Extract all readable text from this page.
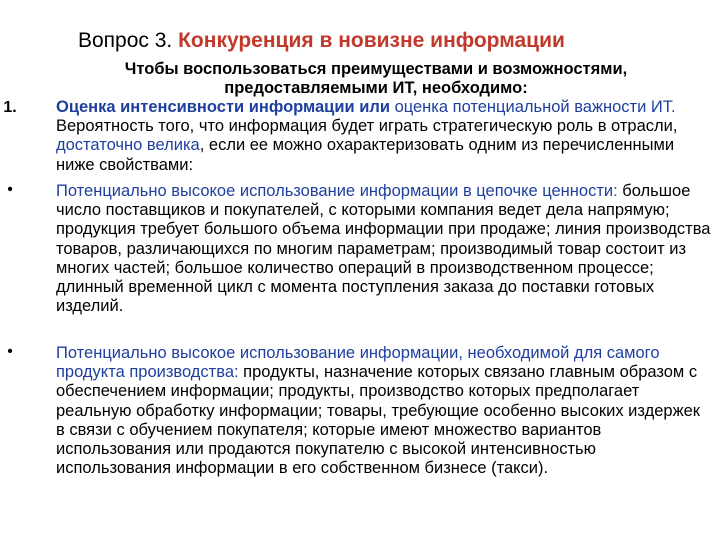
Вопрос 3. Конкуренция в новизне информации
Чтобы воспользоваться преимуществами и возможностями, предоставляемыми ИТ, необходимо:
1. Оценка интенсивности информации или оценка потенциальной важности ИТ. Вероятность того, что информация будет играть стратегическую роль в отрасли, достаточно велика, если ее можно охарактеризовать одним из перечисленными ниже свойствами:
•	Потенциально высокое использование информации в цепочке ценности: большое число поставщиков и покупателей, с которыми компания ведет дела напрямую; продукция требует большого объема информации при продаже; линия производства товаров, различающихся по многим параметрам; производимый товар состоит из многих частей; большое количество операций в производственном процессе; длинный временной цикл с момента поступления заказа до поставки готовых изделий.
•	Потенциально высокое использование информации, необходимой для самого продукта производства: продукты, назначение которых связано главным образом с обеспечением информации; продукты, производство которых предполагает реальную обработку информации; товары, требующие особенно высоких издержек в связи с обучением покупателя; которые имеют множество вариантов использования или продаются покупателю с высокой интенсивностью использования информации в его собственном бизнесе (такси).
